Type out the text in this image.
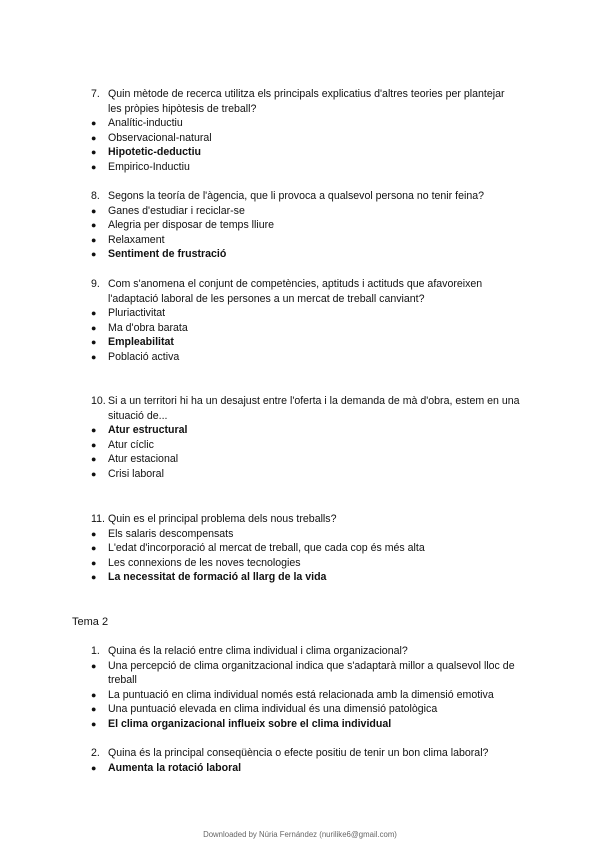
7. Quin mètode de recerca utilitza els principals explicatius d'altres teories per plantejar les pròpies hipòtesis de treball?
●	Analític-inductiu
●	Observacional-natural
●	Hipotetic-deductiu
●	Empirico-Inductiu
8. Segons la teoría de l'àgencia, que li provoca a qualsevol persona no tenir feina?
●	Ganes d'estudiar i reciclar-se
●	Alegria per disposar de temps lliure
●	Relaxament
●	Sentiment de frustració
9. Com s'anomena el conjunt de competències, aptituds i actituds que afavoreixen l'adaptació laboral de les persones a un mercat de treball canviant?
●	Pluriactivitat
●	Ma d'obra barata
●	Empleabilitat
●	Població activa
10. Si a un territori hi ha un desajust entre l'oferta i la demanda de mà d'obra, estem en una situació de...
●	Atur estructural
●	Atur cíclic
●	Atur estacional
●	Crisi laboral
11. Quin es el principal problema dels nous treballs?
●	Els salaris descompensats
●	L'edat d'incorporació al mercat de treball, que cada cop és més alta
●	Les connexions de les noves tecnologies
●	La necessitat de formació al llarg de la vida
Tema 2
1. Quina és la relació entre clima individual i clima organizacional?
●	Una percepció de clima organitzacional indica que s'adaptarà millor a qualsevol lloc de treball
●	La puntuació en clima individual només está relacionada amb la dimensió emotiva
●	Una puntuació elevada en clima individual és una dimensió patològica
●	El clima organizacional influeix sobre el clima individual
2. Quina és la principal conseqüència o efecte positiu de tenir un bon clima laboral?
●	Aumenta la rotació laboral
Downloaded by Núria Fernández (nurilike6@gmail.com)
